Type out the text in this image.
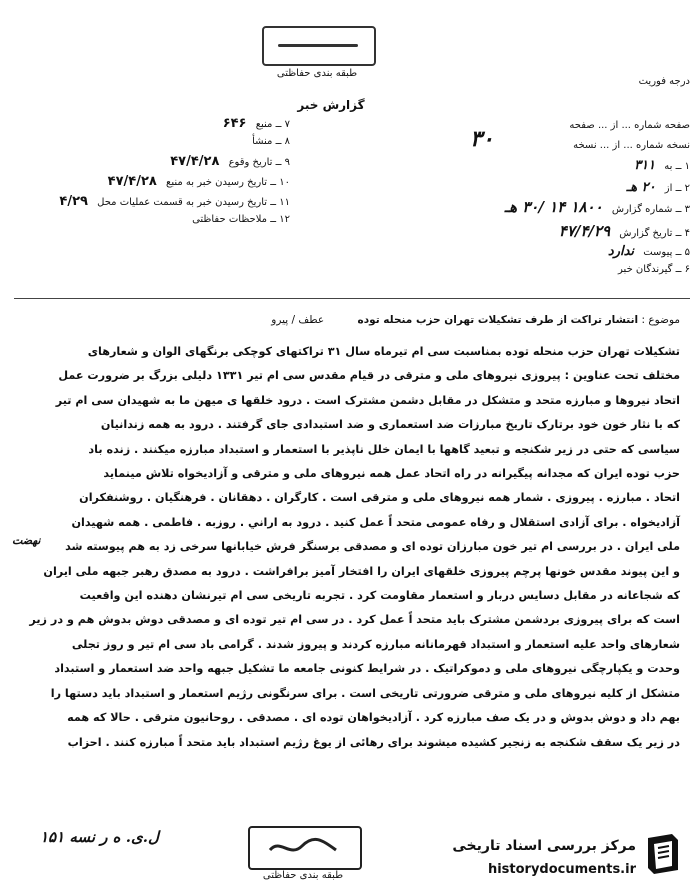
طبقه بندی حفاظتی
درجه فوریت
گزارش خبر
صفحه شماره ... از ... صفحه
نسخه شماره ... از ... نسخه
۳۰
۱ ــ به ۳۱۱
۲ ــ از ۲۰ هـ
۳ ــ شماره گزارش ۱۸۰۰ ۱۴ /۳۰ هـ
۴ ــ تاریخ گزارش ۴۷/۴/۲۹
۵ ــ پیوست ندارد
۶ ــ گیرندگان خبر
۷ ــ منبع ۶۴۶
۸ ــ منشأ
۹ ــ تاریخ وقوع ۴۷/۴/۲۸
۱۰ ــ تاریخ رسیدن خبر به منبع ۴۷/۴/۲۸
۱۱ ــ تاریخ رسیدن خبر به قسمت عملیات محل ۴/۲۹
۱۲ ــ ملاحظات حفاظتی
موضوع : انتشار تراکت از طرف تشکیلات تهران حزب منحله توده عطف / پیرو
نهضت

تشکیلات تهران حزب منحله توده بمناسبت سی ام تیرماه سال ۳۱ تراکتهای کوچکی برنگهای الوان و شعارهای

مختلف تحت عناوین : پیروزی نیروهای ملی و مترقی در قیام مقدس سی ام تیر ۱۳۳۱ دلیلی بزرگ بر ضرورت عمل

اتحاد نیروها و مبارزه متحد و متشکل در مقابل دشمن مشترک است . درود خلقها ی میهن ما به شهیدان سی ام تیر

که با نثار خون خود برتارک تاریخ مبارزات ضد استعماری و ضد استبدادی جای گرفتند . درود به همه زندانیان

سیاسی که حتی در زیر شکنجه و تبعید گاهها با ایمان خلل ناپذیر با استعمار و استبداد مبارزه میکنند . زنده باد

حزب توده ایران که مجدانه پیگیرانه در راه اتحاد عمل همه نیروهای ملی و مترقی و آزادیخواه تلاش مینماید

اتحاد . مبارزه . پیروزی . شمار همه نیروهای ملی و مترقی است . کارگران . دهقانان . فرهنگیان . روشنفکران

آزادیخواه . برای آزادی استقلال و رفاه عمومی متحد اً عمل کنید . درود به اراني . روزبه . فاطمی . همه شهیدان

ملی ایران . در بررسی ام تیر خون مبارزان توده ای و مصدقی برسنگر فرش خیابانها سرخی زد به هم پیوسته شد

و این پیوند مقدس خونها پرچم پیروزی خلقهای ایران را افتخار آمیز برافراشت . درود به مصدق رهبر جبهه ملی ایران

که شجاعانه در مقابل دسایس دربار و استعمار مقاومت کرد . تجربه تاریخی سی ام تیرنشان دهنده این واقعیت

است که برای پیروزی بردشمن مشترک باید متحد اً عمل کرد . در سی ام تیر توده ای و مصدقی دوش بدوش هم و در زیر

شعارهای واحد علیه استعمار و استبداد قهرمانانه مبارزه کردند و پیروز شدند . گرامی باد سی ام تیر و روز تجلی

وحدت و یکپارچگی نیروهای ملی و دموکراتیک . در شرایط کنونی جامعه ما تشکیل جبهه واحد ضد استعمار و استبداد

متشکل از کلیه نیروهای ملی و مترقی ضرورتی تاریخی است . برای سرنگونی رژیم استعمار و استبداد باید دستها را

بهم داد و دوش بدوش و در یک صف مبارزه کرد . آزادیخواهان توده ای . مصدقی . روحانیون مترقی . حالا که همه

در زیر یک سقف شکنجه به زنجیر کشیده میشوند برای رهائی از یوغ رژیم استبداد باید متحد اً مبارزه کنند . احزاب

ل.ی. ه ر نسه ۱۵۱
طبقه بندی حفاظتی
مرکز بررسی اسناد تاریخی
historydocuments.ir
